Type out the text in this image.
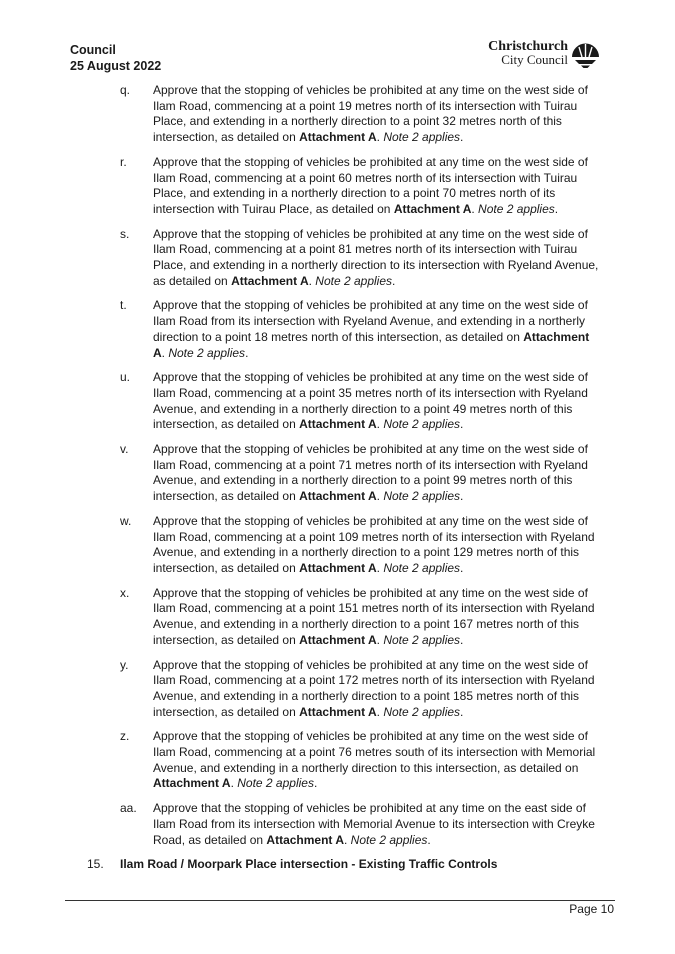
Council
25 August 2022
Christchurch
City Council
q. Approve that the stopping of vehicles be prohibited at any time on the west side of Ilam Road, commencing at a point 19 metres north of its intersection with Tuirau Place, and extending in a northerly direction to a point 32 metres north of this intersection, as detailed on Attachment A. Note 2 applies.
r. Approve that the stopping of vehicles be prohibited at any time on the west side of Ilam Road, commencing at a point 60 metres north of its intersection with Tuirau Place, and extending in a northerly direction to a point 70 metres north of its intersection with Tuirau Place, as detailed on Attachment A. Note 2 applies.
s. Approve that the stopping of vehicles be prohibited at any time on the west side of Ilam Road, commencing at a point 81 metres north of its intersection with Tuirau Place, and extending in a northerly direction to its intersection with Ryeland Avenue, as detailed on Attachment A. Note 2 applies.
t. Approve that the stopping of vehicles be prohibited at any time on the west side of Ilam Road from its intersection with Ryeland Avenue, and extending in a northerly direction to a point 18 metres north of this intersection, as detailed on Attachment A. Note 2 applies.
u. Approve that the stopping of vehicles be prohibited at any time on the west side of Ilam Road, commencing at a point 35 metres north of its intersection with Ryeland Avenue, and extending in a northerly direction to a point 49 metres north of this intersection, as detailed on Attachment A. Note 2 applies.
v. Approve that the stopping of vehicles be prohibited at any time on the west side of Ilam Road, commencing at a point 71 metres north of its intersection with Ryeland Avenue, and extending in a northerly direction to a point 99 metres north of this intersection, as detailed on Attachment A. Note 2 applies.
w. Approve that the stopping of vehicles be prohibited at any time on the west side of Ilam Road, commencing at a point 109 metres north of its intersection with Ryeland Avenue, and extending in a northerly direction to a point 129 metres north of this intersection, as detailed on Attachment A. Note 2 applies.
x. Approve that the stopping of vehicles be prohibited at any time on the west side of Ilam Road, commencing at a point 151 metres north of its intersection with Ryeland Avenue, and extending in a northerly direction to a point 167 metres north of this intersection, as detailed on Attachment A. Note 2 applies.
y. Approve that the stopping of vehicles be prohibited at any time on the west side of Ilam Road, commencing at a point 172 metres north of its intersection with Ryeland Avenue, and extending in a northerly direction to a point 185 metres north of this intersection, as detailed on Attachment A. Note 2 applies.
z. Approve that the stopping of vehicles be prohibited at any time on the west side of Ilam Road, commencing at a point 76 metres south of its intersection with Memorial Avenue, and extending in a northerly direction to this intersection, as detailed on Attachment A. Note 2 applies.
aa. Approve that the stopping of vehicles be prohibited at any time on the east side of Ilam Road from its intersection with Memorial Avenue to its intersection with Creyke Road, as detailed on Attachment A. Note 2 applies.
15. Ilam Road / Moorpark Place intersection - Existing Traffic Controls
Page 10
